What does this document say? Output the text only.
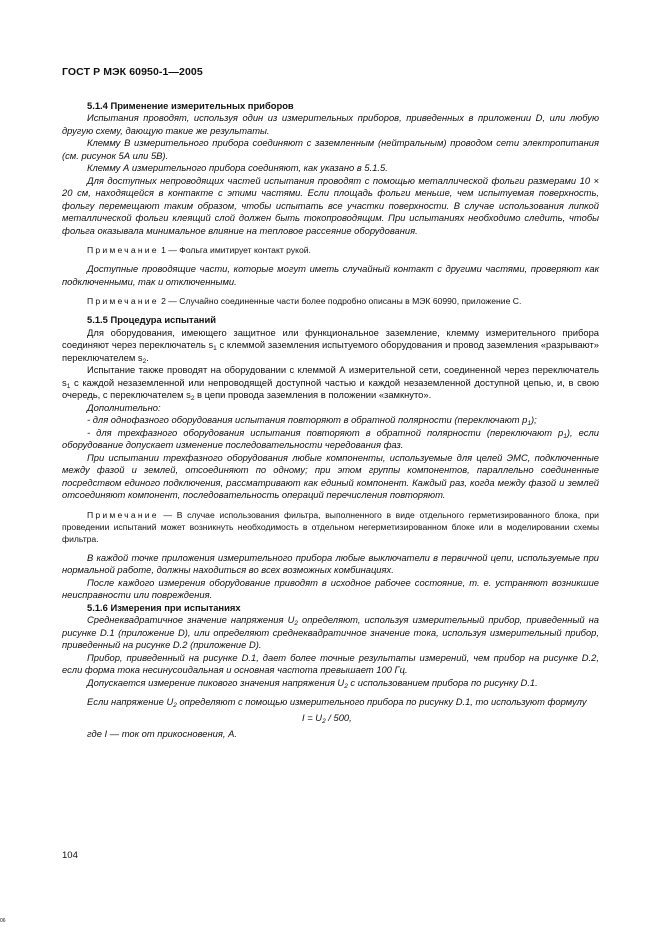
ГОСТ Р МЭК 60950-1—2005
5.1.4 Применение измерительных приборов

Испытания проводят, используя один из измерительных приборов, приведенных в приложении D, или любую другую схему, дающую такие же результаты.

Клемму В измерительного прибора соединяют с заземленным (нейтральным) проводом сети электропитания (см. рисунок 5А или 5В).

Клемму А измерительного прибора соединяют, как указано в 5.1.5.

Для доступных непроводящих частей испытания проводят с помощью металлической фольги размерами 10 × 20 см, находящейся в контакте с этими частями. Если площадь фольги меньше, чем испытуемая поверхность, фольгу перемещают таким образом, чтобы испытать все участки поверхности. В случае использования липкой металлической фольги клеящий слой должен быть токопроводящим. При испытаниях необходимо следить, чтобы фольга оказывала минимальное влияние на тепловое рассеяние оборудования.

Примечание 1 — Фольга имитирует контакт рукой.

Доступные проводящие части, которые могут иметь случайный контакт с другими частями, проверяют как подключенными, так и отключенными.

Примечание 2 — Случайно соединенные части более подробно описаны в МЭК 60990, приложение С.

5.1.5 Процедура испытаний

Для оборудования, имеющего защитное или функциональное заземление, клемму измерительного прибора соединяют через переключатель $s_1$ с клеммой заземления испытуемого оборудования и провод заземления «разрывают» переключателем $s_2$.

Испытание также проводят на оборудовании с клеммой А измерительной сети, соединенной через переключатель $s_1$ с каждой незаземленной или непроводящей доступной частью и каждой незаземленной доступной цепью, и, в свою очередь, с переключателем $s_2$ в цепи провода заземления в положении «замкнуто».

Дополнительно:

- для однофазного оборудования испытания повторяют в обратной полярности (переключают $p_1$);

- для трехфазного оборудования испытания повторяют в обратной полярности (переключают $p_1$), если оборудование допускает изменение последовательности чередования фаз.

При испытании трехфазного оборудования любые компоненты, используемые для целей ЭМС, подключенные между фазой и землей, отсоединяют по одному; при этом группы компонентов, параллельно соединенные посредством единого подключения, рассматривают как единый компонент. Каждый раз, когда между фазой и землей отсоединяют компонент, последовательность операций перечисления повторяют.

Примечание — В случае использования фильтра, выполненного в виде отдельного герметизированного блока, при проведении испытаний может возникнуть необходимость в отдельном негерметизированном блоке или в моделировании схемы фильтра.

В каждой точке приложения измерительного прибора любые выключатели в первичной цепи, используемые при нормальной работе, должны находиться во всех возможных комбинациях.

После каждого измерения оборудование приводят в исходное рабочее состояние, т. е. устраняют возникшие неисправности или повреждения.

5.1.6 Измерения при испытаниях

Среднеквадратичное значение напряжения $U_2$ определяют, используя измерительный прибор, приведенный на рисунке D.1 (приложение D), или определяют среднеквадратичное значение тока, используя измерительный прибор, приведенный на рисунке D.2 (приложение D).

Прибор, приведенный на рисунке D.1, дает более точные результаты измерений, чем прибор на рисунке D.2, если форма тока несинусоидальная и основная частота превышает 100 Гц.

Допускается измерение пикового значения напряжения $U_2$ с использованием прибора по рисунку D.1.

Если напряжение $U_2$ определяют с помощью измерительного прибора по рисунку D.1, то используют формулу

$I = U_2 / 500$,

где I — ток от прикосновения, А.

104
06
